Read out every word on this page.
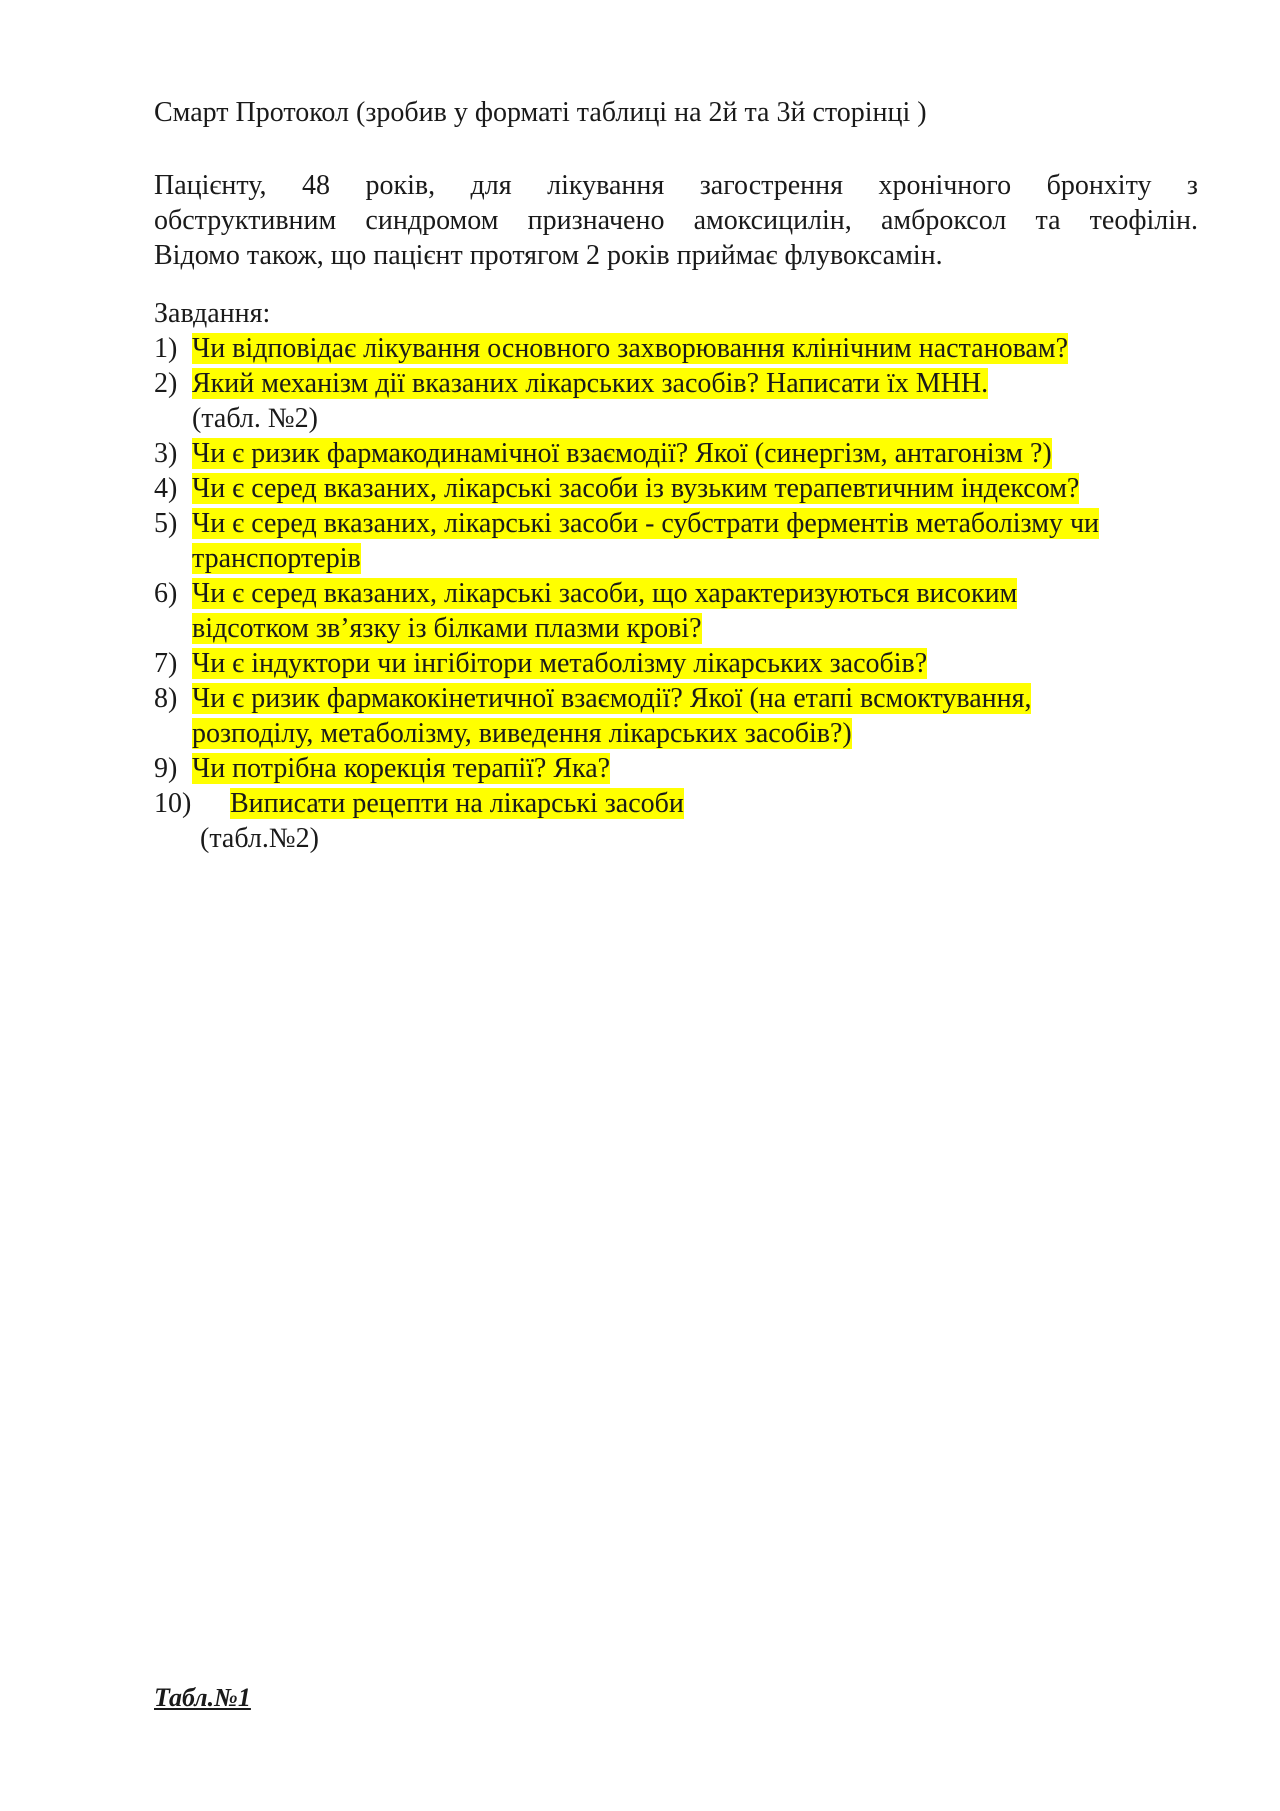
Смарт Протокол (зробив у форматі таблиці на 2й та 3й сторінці )
Пацієнту, 48 років, для лікування загострення хронічного бронхіту з
обструктивним синдромом призначено амоксицилін, амброксол та теофілін.
Відомо також, що пацієнт протягом 2 років приймає флувоксамін.
Завдання:
1) Чи відповідає лікування основного захворювання клінічним настановам?
2) Який механізм дії вказаних лікарських засобів? Написати їх МНН.
(табл. №2)
3) Чи є ризик фармакодинамічної взаємодії? Якої (синергізм, антагонізм ?)
4) Чи є серед вказаних, лікарські засоби із вузьким терапевтичним індексом?
5) Чи є серед вказаних, лікарські засоби - субстрати ферментів метаболізму чи
транспортерів
6) Чи є серед вказаних, лікарські засоби, що характеризуються високим
відсотком зв’язку із білками плазми крові?
7) Чи є індуктори чи інгібітори метаболізму лікарських засобів?
8) Чи є ризик фармакокінетичної взаємодії? Якої (на етапі всмоктування,
розподілу, метаболізму, виведення лікарських засобів?)
9) Чи потрібна корекція терапії? Яка?
10) Виписати рецепти на лікарські засоби
(табл.№2)
Табл.№1
